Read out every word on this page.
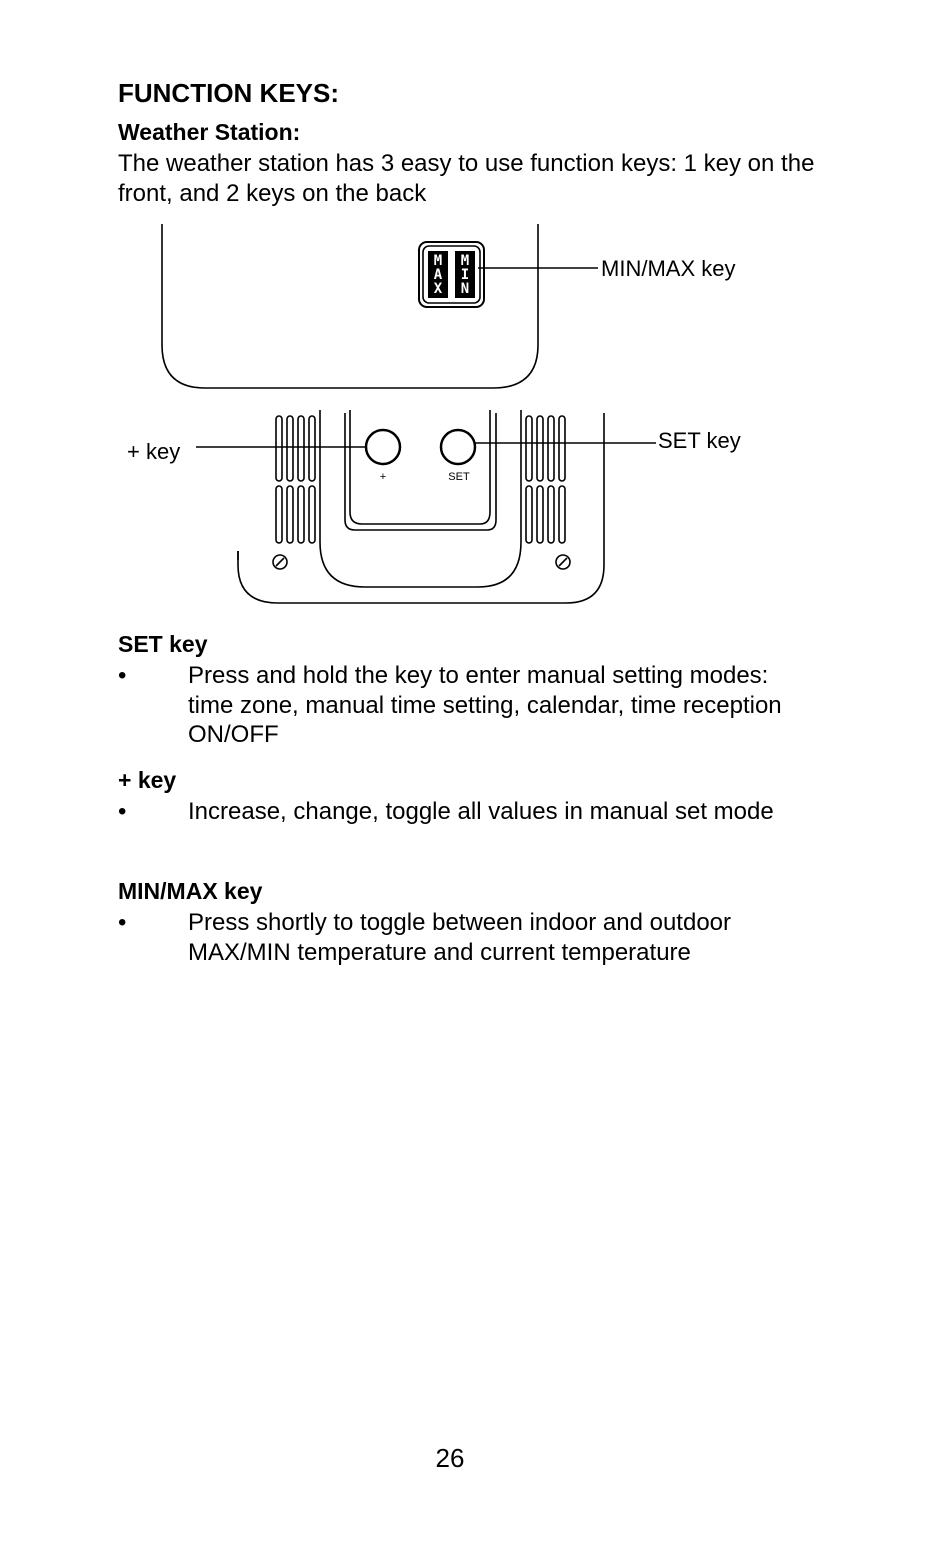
FUNCTION KEYS:
Weather Station:

The weather station has 3 easy to use function keys: 1 key on the front, and 2 keys on the back

M A X
M I N
+	SET
MIN/MAX key
SET key
+ key
SET key
•	Press and hold the key to enter manual setting modes: time zone, manual time setting, calendar, time reception ON/OFF
+ key
•	Increase, change, toggle all values in manual set mode
MIN/MAX key
•	Press shortly to toggle between indoor and outdoor MAX/MIN temperature and current temperature
26
